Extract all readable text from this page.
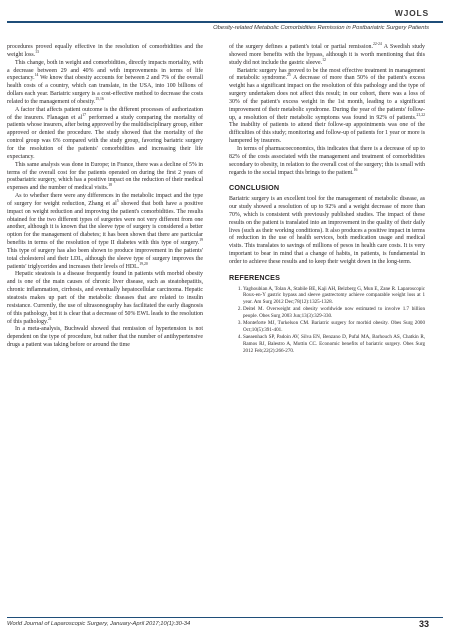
WJOLS
Obesity-related Metabolic Comorbidities Remission in Postbariatric Surgery Patients

procedures proved equally effective in the resolution of comorbidities and the weight loss.$^{13}$

This change, both in weight and comorbidities, directly impacts mortality, with a decrease between 29 and 40% and with improvements in terms of life expectancy.$^{14}$ We know that obesity accounts for between 2 and 7% of the overall health costs of a country, which can translate, in the USA, into 100 billions of dollars each year. Bariatric surgery is a cost-effective method to decrease the costs related to the management of obesity.$^{15,16}$

A factor that affects patient outcome is the different processes of authorization of the insurers. Flanagan et $al^{17}$ performed a study comparing the mortality of patients whose insurers, after being approved by the multidisciplinary group, either approved or denied the procedure. The study showed that the mortality of the control group was 6% compared with the study group, favoring bariatric surgery for the resolution of the patients' comorbidities and increasing their life expectancy.

This same analysis was done in Europe; in France, there was a decline of 5% in terms of the overall cost for the patients operated on during the first 2 years of postbariatric surgery, which has a positive impact on the reduction of their medical expenses and the number of medical visits.$^{18}$

As to whether there were any differences in the metabolic impact and the type of surgery for weight reduction, Zhang et $al^5$ showed that both have a positive impact on weight reduction and improving the patient's comorbidities. The results obtained for the two different types of surgeries were not very different from one another, although it is known that the sleeve type of surgery is considered a better option for the management of diabetes; it has been shown that there are particular benefits in terms of the resolution of type II diabetes with this type of surgery.$^{19}$ This type of surgery has also been shown to produce improvement in the patients' total cholesterol and their LDL, although the sleeve type of surgery improves the patients' triglycerides and increases their levels of HDL.$^{19,20}$

Hepatic steatosis is a disease frequently found in patients with morbid obesity and is one of the main causes of chronic liver disease, such as steatohepatitis, chronic inflammation, cirrhosis, and eventually hepatocellular carcinoma. Hepatic steatosis makes up part of the metabolic diseases that are related to insulin resistance. Currently, the use of ultrasonography has facilitated the early diagnosis of this pathology, but it is clear that a decrease of 50% EWL leads to the resolution of this pathology.$^{21}$

In a meta-analysis, Buchwald showed that remission of hypertension is not dependent on the type of procedure, but rather that the number of antihypertensive drugs a patient was taking before or around the time

of the surgery defines a patient's total or partial remission.$^{22-24}$ A Swedish study showed more benefits with the bypass, although it is worth mentioning that this study did not include the gastric sleeve.$^{12}$

Bariatric surgery has proved to be the most effective treatment in management of metabolic syndrome.$^{25}$ A decrease of more than 50% of the patient's excess weight has a significant impact on the resolution of this pathology and the type of surgery undertaken does not affect this result; in our cohort, there was a loss of 30% of the patient's excess weight in the 1st month, leading to a significant improvement of their metabolic syndrome. During the year of the patients' follow-up, a resolution of their metabolic symptoms was found in 92% of patients.$^{21,22}$ The inability of patients to attend their follow-up appointments was one of the difficulties of this study; monitoring and follow-up of patients for 1 year or more is hampered by insurers.

In terms of pharmacoeconomics, this indicates that there is a decrease of up to 82% of the costs associated with the management and treatment of comorbidities secondary to obesity, in relation to the overall cost of the surgery; this is small with regards to the social impact this brings to the patient.$^{16}$

CONCLUSION

Bariatric surgery is an excellent tool for the management of metabolic disease, as our study showed a resolution of up to 92% and a weight decrease of more than 70%, which is consistent with previously published studies. The impact of these results on the patient is translated into an improvement in the quality of their daily lives (such as their working conditions). It also produces a positive impact in terms of reduction in the use of health services, both medication usage and medical visits. This translates to savings of millions of pesos in health care costs. It is very important to bear in mind that a change of habits, in patients, is fundamental in order to achieve these results and to keep their weight down in the long-term.

REFERENCES
1. Yaghoubian A, Tolan A, Stabile BE, Kaji AH, Belzberg G, Mun E, Zane R. Laparoscopic Roux-en-Y gastric bypass and sleeve gastrectomy achieve comparable weight loss at 1 year. Am Surg 2012 Dec;78(12):1325-1328.
2. Deitel M. Overweight and obesity worldwide now estimated to involve 1.7 billion people. Obes Surg 2003 Jun;13(3):329-330.
3. Monteforte MJ, Turkelson CM. Bariatric surgery for morbid obesity. Obes Surg 2000 Oct;10(5):391-401.
4. Saeaenhach SP, Padoin AV, Silva EN, Benzano D, Pufal MA, Barhouch AS, Chatkin R, Ramos RJ, Balestro A, Mottin CC. Economic benefits of bariatric surgery. Obes Surg 2012 Feb;22(2):266-270.
World Journal of Laparoscopic Surgery, January-April 2017;10(1):30-34	33
